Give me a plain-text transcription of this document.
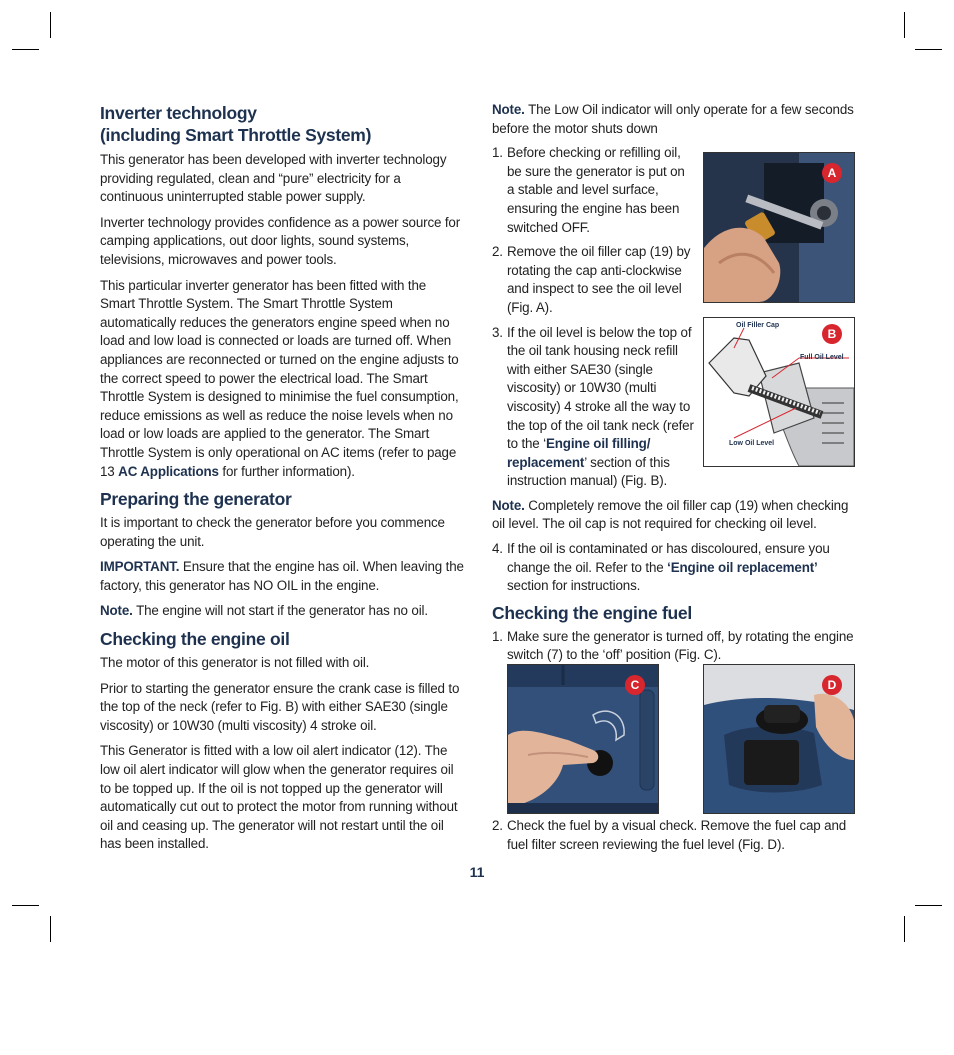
Inverter technology
(including Smart Throttle System)

This generator has been developed with inverter technology providing regulated, clean and “pure” electricity for a continuous uninterrupted stable power supply.

Inverter technology provides confidence as a power source for camping applications, out door lights, sound systems, televisions, microwaves and power tools.

This particular inverter generator has been fitted with the Smart Throttle System. The Smart Throttle System automatically reduces the generators engine speed when no load and low load is connected or loads are turned off. When appliances are reconnected or turned on the engine adjusts to the correct speed to power the electrical load. The Smart Throttle System is designed to minimise the fuel consumption, reduce emissions as well as reduce the noise levels when no load or low loads are applied to the generator. The Smart Throttle System is only operational on AC items (refer to page 13 AC Applications for further information).

Preparing the generator

It is important to check the generator before you commence operating the unit.

IMPORTANT. Ensure that the engine has oil. When leaving the factory, this generator has NO OIL in the engine.

Note. The engine will not start if the generator has no oil.

Checking the engine oil

The motor of this generator is not filled with oil.

Prior to starting the generator ensure the crank case is filled to the top of the neck (refer to Fig. B) with either SAE30 (single viscosity) or 10W30 (multi viscosity) 4 stroke oil.

This Generator is fitted with a low oil alert indicator (12). The low oil alert indicator will glow when the generator requires oil to be topped up. If the oil is not topped up the generator will automatically cut out to protect the motor from running without oil and ceasing up. The generator will not restart until the oil has been installed.

Note. The Low Oil indicator will only operate for a few seconds before the motor shuts down

1. Before checking or refilling oil, be sure the generator is put on a stable and level surface, ensuring the engine has been switched OFF.
2. Remove the oil filler cap (19) by rotating the cap anti-clockwise and inspect to see the oil level (Fig. A).
3. If the oil level is below the top of the oil tank housing neck refill with either SAE30 (single viscosity) or 10W30 (multi viscosity) 4 stroke all the way to the top of the oil tank neck (refer to the ‘Engine oil filling/ replacement’ section of this instruction manual) (Fig. B).

Note. Completely remove the oil filler cap (19) when checking oil level. The oil cap is not required for checking oil level.

4. If the oil is contaminated or has discoloured, ensure you change the oil. Refer to the ‘Engine oil replacement’ section for instructions.
Checking the engine fuel
1. Make sure the generator is turned off, by rotating the engine switch (7) to the ‘off’ position (Fig. C).
2. Check the fuel by a visual check. Remove the fuel cap and fuel filter screen reviewing the fuel level (Fig. D).
A
Oil Filler Cap
Full Oil Level
Low Oil Level
B
C	D
11
